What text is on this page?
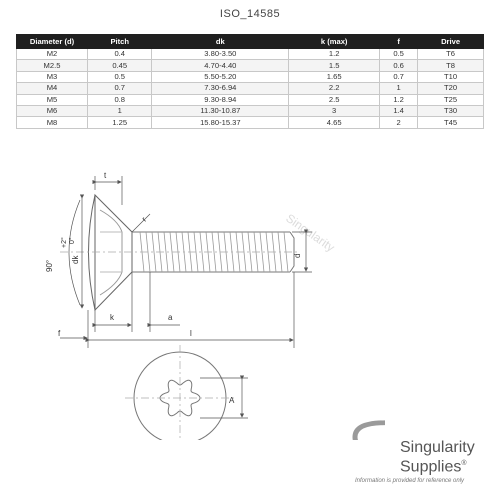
ISO_14585
Diameter (d)	Pitch	dk	k (max)	f	Drive
M2	0.4	3.80-3.50	1.2	0.5	T6
M2.5	0.45	4.70-4.40	1.5	0.6	T8
M3	0.5	5.50-5.20	1.65	0.7	T10
M4	0.7	7.30-6.94	2.2	1	T20
M5	0.8	9.30-8.94	2.5	1.2	T25
M6	1	11.30-10.87	3	1.4	T30
M8	1.25	15.80-15.37	4.65	2	T45
Singularity
t
r
90°
+2° 0°
dk	d
k	a
f	l
A
Singularity
Supplies®
Information is provided for reference only
